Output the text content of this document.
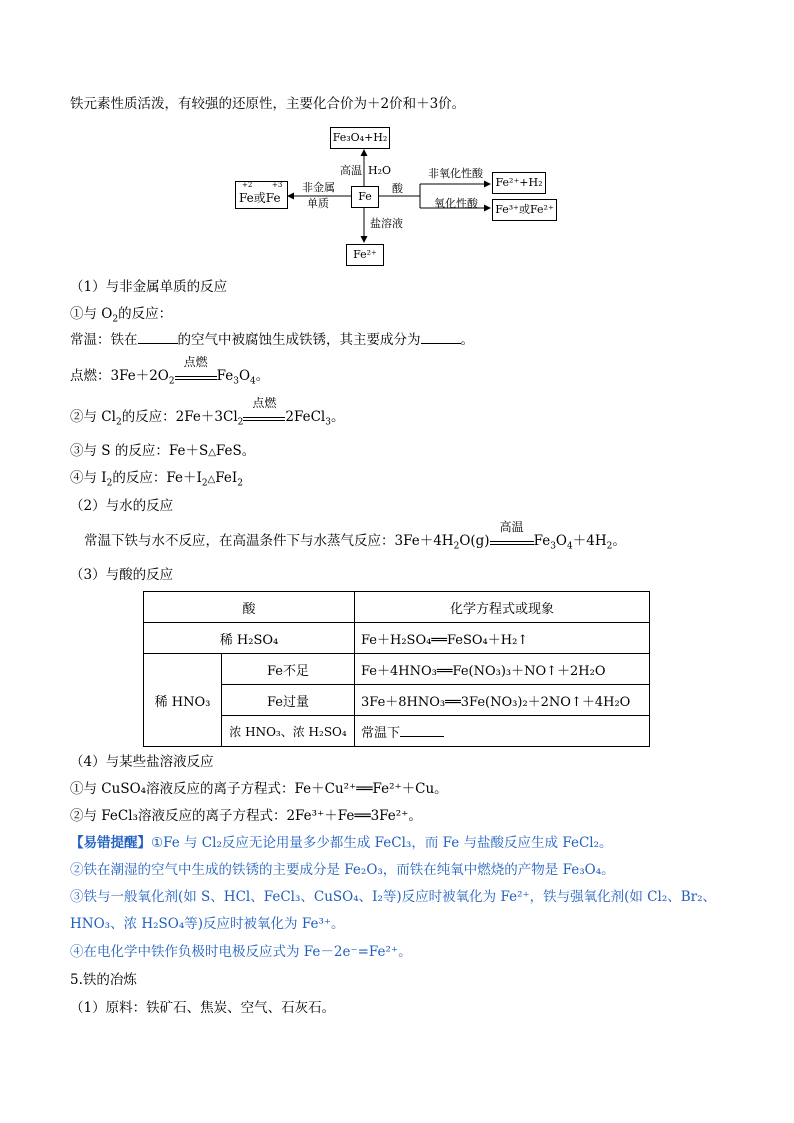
铁元素性质活泼，有较强的还原性，主要化合价为＋2价和＋3价。
Fe₃O₄+H₂
高温 H₂O
Fe
+2	+3
Fe或Fe
非金属
单质
酸
非氧化性酸
Fe²⁺+H₂
氧化性酸 Fe³⁺或Fe²⁺
盐溶液
Fe²⁺
（1）与非金属单质的反应
①与 $O_2$的反应：
常温：铁在	的空气中被腐蚀生成铁锈，其主要成分为	。
点燃：$3Fe+2O_2$
点燃
$Fe_3O_4$。
②与 $Cl_2$的反应：$2Fe+3Cl_2$
点燃
2FeCl$_3$。
③与 S 的反应：Fe＋S△FeS。
④与 $I_2$的反应：$Fe+I_2\triangle FeI_2$
（2）与水的反应
常温下铁与水不反应，在高温条件下与水蒸气反应：$3Fe+4H_2O(g)$
高温
$Fe_3O_4+4H_2$。
（3）与酸的反应
酸		化学方程式或现象
稀 H₂SO₄		Fe＋H₂SO₄══FeSO₄＋H₂↑
稀 HNO₃	Fe不足	Fe＋4HNO₃══Fe(NO₃)₃＋NO↑＋2H₂O
	Fe过量	3Fe＋8HNO₃══3Fe(NO₃)₂＋2NO↑＋4H₂O
	浓 HNO₃、浓 H₂SO₄	常温下
（4）与某些盐溶液反应
①与 CuSO₄溶液反应的离子方程式：Fe＋Cu²⁺══Fe²⁺＋Cu。
②与 FeCl₃溶液反应的离子方程式：2Fe³⁺＋Fe══3Fe²⁺。
【易错提醒】①Fe 与 Cl₂反应无论用量多少都生成 FeCl₃，而 Fe 与盐酸反应生成 FeCl₂。
②铁在潮湿的空气中生成的铁锈的主要成分是 Fe₂O₃，而铁在纯氧中燃烧的产物是 Fe₃O₄。
③铁与一般氧化剂(如 S、HCl、FeCl₃、CuSO₄、I₂等)反应时被氧化为 Fe²⁺，铁与强氧化剂(如 Cl₂、Br₂、
HNO₃、浓 H₂SO₄等)反应时被氧化为 Fe³⁺。
④在电化学中铁作负极时电极反应式为 Fe－2e⁻=Fe²⁺。
5.铁的冶炼
（1）原料：铁矿石、焦炭、空气、石灰石。
